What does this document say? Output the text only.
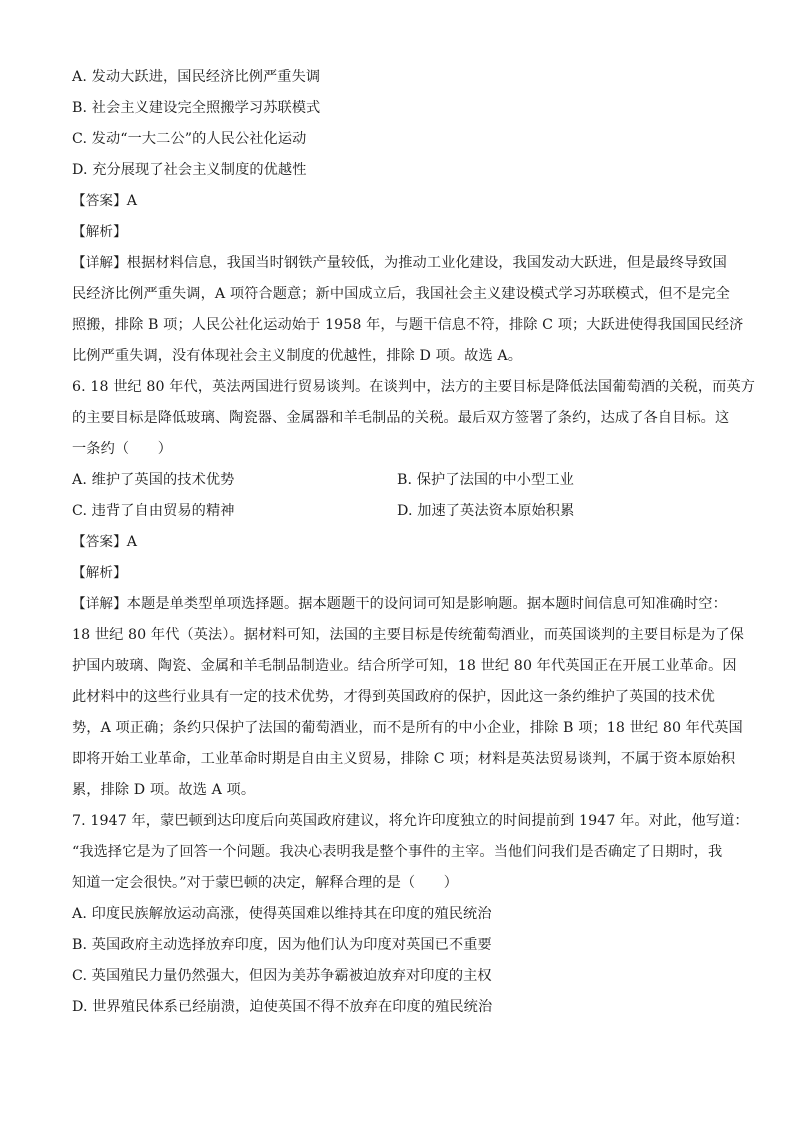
A. 发动大跃进，国民经济比例严重失调
B. 社会主义建设完全照搬学习苏联模式
C. 发动“一大二公”的人民公社化运动
D. 充分展现了社会主义制度的优越性
【答案】A
【解析】
【详解】根据材料信息，我国当时钢铁产量较低，为推动工业化建设，我国发动大跃进，但是最终导致国
民经济比例严重失调，A 项符合题意；新中国成立后，我国社会主义建设模式学习苏联模式，但不是完全
照搬，排除 B 项；人民公社化运动始于 1958 年，与题干信息不符，排除 C 项；大跃进使得我国国民经济
比例严重失调，没有体现社会主义制度的优越性，排除 D 项。故选 A。
6. 18 世纪 80 年代，英法两国进行贸易谈判。在谈判中，法方的主要目标是降低法国葡萄酒的关税，而英方
的主要目标是降低玻璃、陶瓷器、金属器和羊毛制品的关税。最后双方签署了条约，达成了各自目标。这
一条约（　　）
A. 维护了英国的技术优势	B. 保护了法国的中小型工业
C. 违背了自由贸易的精神	D. 加速了英法资本原始积累
【答案】A
【解析】
【详解】本题是单类型单项选择题。据本题题干的设问词可知是影响题。据本题时间信息可知准确时空：
18 世纪 80 年代（英法）。据材料可知，法国的主要目标是传统葡萄酒业，而英国谈判的主要目标是为了保
护国内玻璃、陶瓷、金属和羊毛制品制造业。结合所学可知，18 世纪 80 年代英国正在开展工业革命。因
此材料中的这些行业具有一定的技术优势，才得到英国政府的保护，因此这一条约维护了英国的技术优
势，A 项正确；条约只保护了法国的葡萄酒业，而不是所有的中小企业，排除 B 项；18 世纪 80 年代英国
即将开始工业革命，工业革命时期是自由主义贸易，排除 C 项；材料是英法贸易谈判，不属于资本原始积
累，排除 D 项。故选 A 项。
7. 1947 年，蒙巴顿到达印度后向英国政府建议，将允许印度独立的时间提前到 1947 年。对此，他写道：
“我选择它是为了回答一个问题。我决心表明我是整个事件的主宰。当他们问我们是否确定了日期时，我
知道一定会很快。”对于蒙巴顿的决定，解释合理的是（　　）
A. 印度民族解放运动高涨，使得英国难以维持其在印度的殖民统治
B. 英国政府主动选择放弃印度，因为他们认为印度对英国已不重要
C. 英国殖民力量仍然强大，但因为美苏争霸被迫放弃对印度的主权
D. 世界殖民体系已经崩溃，迫使英国不得不放弃在印度的殖民统治
